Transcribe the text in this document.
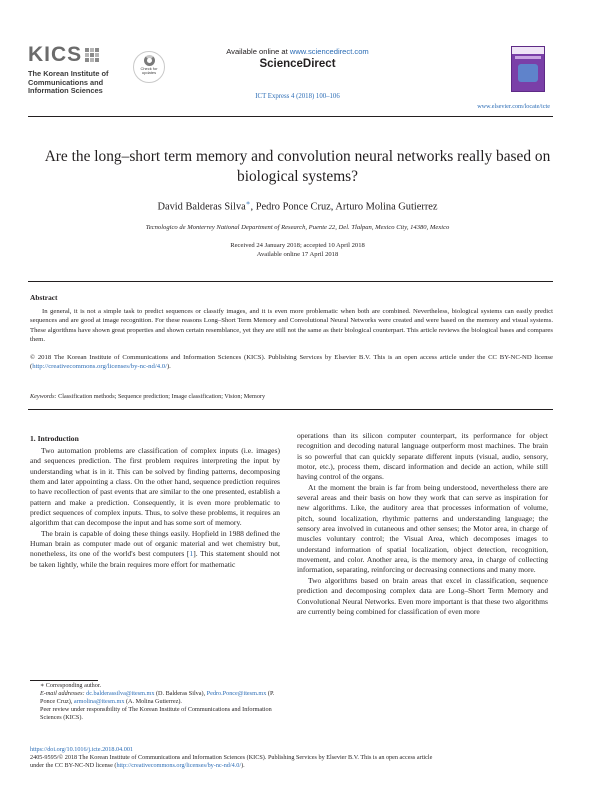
KICS
The Korean Institute of
Communications and
Information Sciences
Check for updates
Available online at www.sciencedirect.com
ScienceDirect
ICT Express 4 (2018) 100–106
www.elsevier.com/locate/icte
Are the long–short term memory and convolution neural networks really based on biological systems?
David Balderas Silva∗, Pedro Ponce Cruz, Arturo Molina Gutierrez
Tecnologico de Monterrey National Department of Research, Puente 22, Del. Tlalpan, Mexico City, 14380, Mexico
Received 24 January 2018; accepted 10 April 2018
Available online 17 April 2018
Abstract
In general, it is not a simple task to predict sequences or classify images, and it is even more problematic when both are combined. Nevertheless, biological systems can easily predict sequences and are good at image recognition. For these reasons Long–Short Term Memory and Convolutional Neural Networks were created and were based on the memory and visual systems. These algorithms have shown great properties and shown certain resemblance, yet they are still not the same as their biological counterpart. This article reviews the biological bases and compares them.
© 2018 The Korean Institute of Communications and Information Sciences (KICS). Publishing Services by Elsevier B.V. This is an open access article under the CC BY-NC-ND license (http://creativecommons.org/licenses/by-nc-nd/4.0/).
Keywords: Classification methods; Sequence prediction; Image classification; Vision; Memory
1. Introduction

Two automation problems are classification of complex inputs (i.e. images) and sequences prediction. The first problem requires interpreting the input by understanding what is in it. This can be solved by finding patterns, decomposing them and later appointing a class. On the other hand, sequence prediction requires to have recollection of past events that are similar to the one presented, establish a pattern and make a prediction. Consequently, it is even more problematic to predict sequences of complex inputs. Thus, to solve these problems, it requires an algorithm that can decompose the input and has some sort of memory.

The brain is capable of doing these things easily. Hopfield in 1988 defined the Human brain as computer made out of organic material and wet chemistry but, nonetheless, its one of the world's best computers [1]. This statement should not be taken lightly, while the brain requires more effort for mathematic

operations than its silicon computer counterpart, its performance for object recognition and decoding natural language outperform most machines. The brain is so powerful that can quickly separate different inputs (visual, audio, sensory, motor, etc.), process them, discard information and decide an action, while still having control of the organs.

At the moment the brain is far from being understood, nevertheless there are several areas and their basis on how they work that can serve as inspiration for new algorithms. Like, the auditory area that processes information of volume, pitch, sound localization, rhythmic patterns and understanding language; the sensory area involved in cutaneous and other senses; the Motor area, in charge of muscles voluntary control; the Visual Area, which decomposes images to understand information of spatial localization, object detection, recognition, movement, and color. Another area, is the memory area, in charge of collecting information, separating, reinforcing or decreasing connections and many more.

Two algorithms based on brain areas that excel in classification, sequence prediction and decomposing complex data are Long–Short Term Memory and Convolutional Neural Networks. Even more important is that these two algorithms are currently being combined for classification of even more

∗ Corresponding author.

E-mail addresses: dc.balderassilva@itesm.mx (D. Balderas Silva), Pedro.Ponce@itesm.mx (P. Ponce Cruz), armolina@itesm.mx (A. Molina Gutierrez).

Peer review under responsibility of The Korean Institute of Communications and Information Sciences (KICS).

https://doi.org/10.1016/j.icte.2018.04.001

2405-9595/© 2018 The Korean Institute of Communications and Information Sciences (KICS). Publishing Services by Elsevier B.V. This is an open access article

under the CC BY-NC-ND license (http://creativecommons.org/licenses/by-nc-nd/4.0/).
